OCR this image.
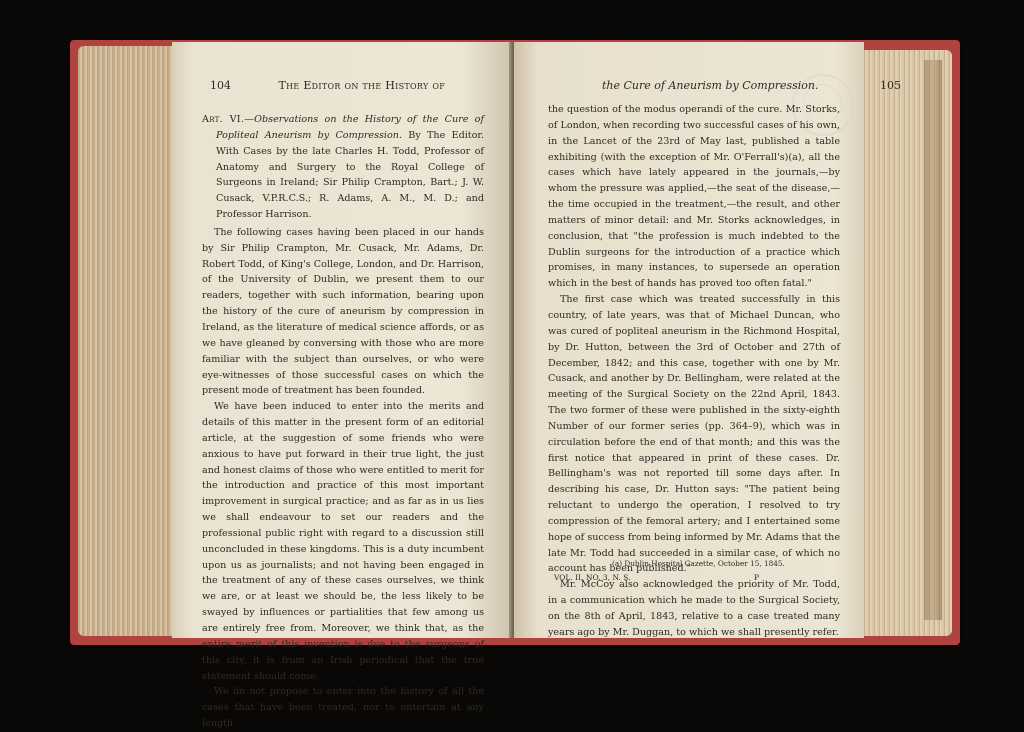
104	The Editor on the History of

Art. VI.—Observations on the History of the Cure of Popliteal Aneurism by Compression. By The Editor. With Cases by the late Charles H. Todd, Professor of Anatomy and Surgery to the Royal College of Surgeons in Ireland; Sir Philip Crampton, Bart.; J. W. Cusack, V.P.R.C.S.; R. Adams, A. M., M. D.; and Professor Harrison.

The following cases having been placed in our hands by Sir Philip Crampton, Mr. Cusack, Mr. Adams, Dr. Robert Todd, of King's College, London, and Dr. Harrison, of the University of Dublin, we present them to our readers, together with such information, bearing upon the history of the cure of aneurism by compression in Ireland, as the literature of medical science affords, or as we have gleaned by conversing with those who are more familiar with the subject than ourselves, or who were eye-witnesses of those successful cases on which the present mode of treatment has been founded.

We have been induced to enter into the merits and details of this matter in the present form of an editorial article, at the suggestion of some friends who were anxious to have put forward in their true light, the just and honest claims of those who were entitled to merit for the introduction and practice of this most important improvement in surgical practice; and as far as in us lies we shall endeavour to set our readers and the professional public right with regard to a discussion still unconcluded in these kingdoms. This is a duty incumbent upon us as journalists; and not having been engaged in the treatment of any of these cases ourselves, we think we are, or at least we should be, the less likely to be swayed by influences or partialities that few among us are entirely free from. Moreover, we think that, as the entire merit of this invention is due to the surgeons of this city, it is from an Irish periodical that the true statement should come.

We do not propose to enter into the history of all the cases that have been treated, nor to entertain at any length

the Cure of Aneurism by Compression.	105

the question of the modus operandi of the cure. Mr. Storks, of London, when recording two successful cases of his own, in the Lancet of the 23rd of May last, published a table exhibiting (with the exception of Mr. O'Ferrall's)(a), all the cases which have lately appeared in the journals,—by whom the pressure was applied,—the seat of the disease,—the time occupied in the treatment,—the result, and other matters of minor detail: and Mr. Storks acknowledges, in conclusion, that "the profession is much indebted to the Dublin surgeons for the introduction of a practice which promises, in many instances, to supersede an operation which in the best of hands has proved too often fatal."

The first case which was treated successfully in this country, of late years, was that of Michael Duncan, who was cured of popliteal aneurism in the Richmond Hospital, by Dr. Hutton, between the 3rd of October and 27th of December, 1842; and this case, together with one by Mr. Cusack, and another by Dr. Bellingham, were related at the meeting of the Surgical Society on the 22nd April, 1843. The two former of these were published in the sixty-eighth Number of our former series (pp. 364–9), which was in circulation before the end of that month; and this was the first notice that appeared in print of these cases. Dr. Bellingham's was not reported till some days after. In describing his case, Dr. Hutton says: "The patient being reluctant to undergo the operation, I resolved to try compression of the femoral artery; and I entertained some hope of success from being informed by Mr. Adams that the late Mr. Todd had succeeded in a similar case, of which no account has been published."

Mr. McCoy also acknowledged the priority of Mr. Todd, in a communication which he made to the Surgical Society, on the 8th of April, 1843, relative to a case treated many years ago by Mr. Duggan, to which we shall presently refer.

(a) Dublin Hospital Gazette, October 15, 1845.
VOL. II. NO. 3, N. S.	P
